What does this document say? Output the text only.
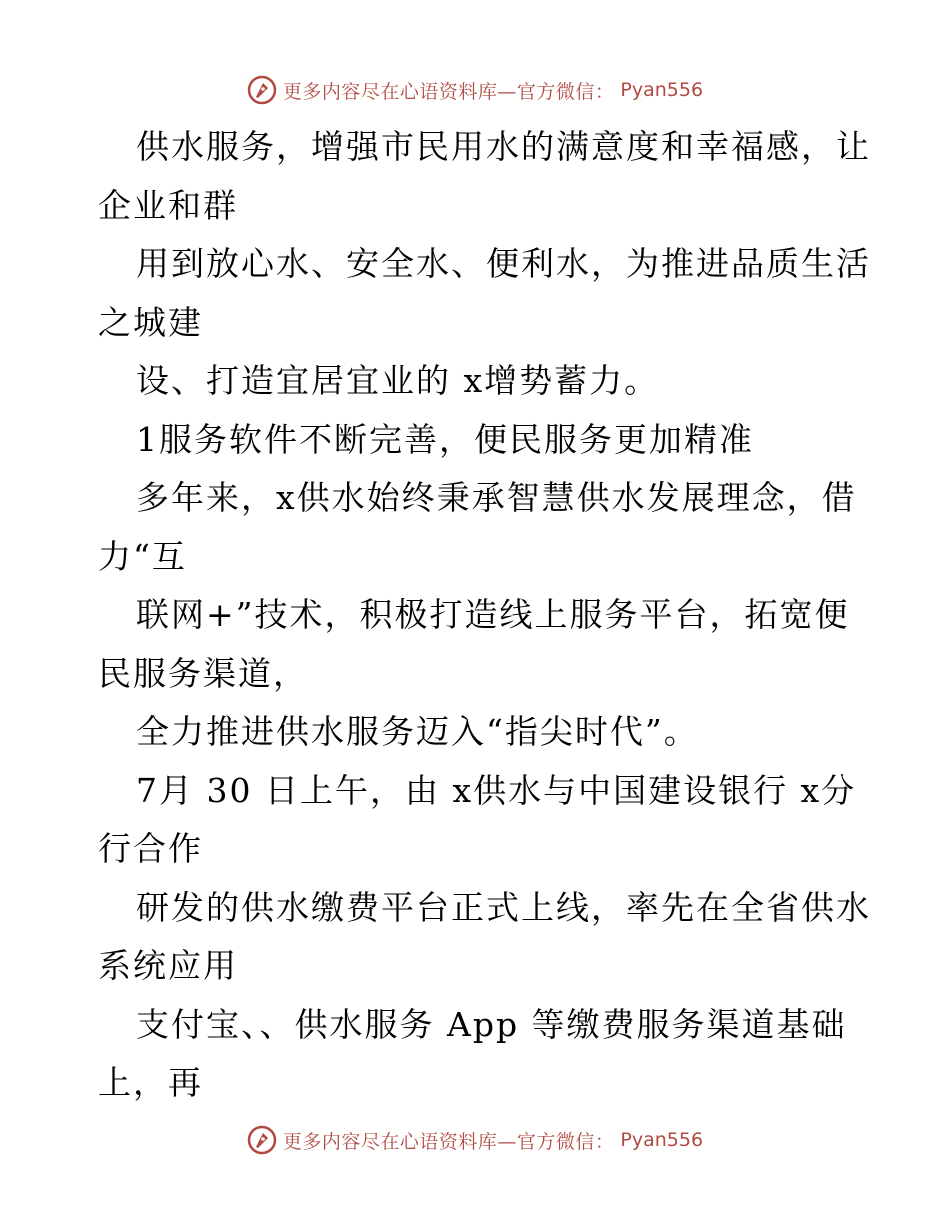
更多内容尽在心语资料库—官方微信： Pyan556
供水服务，增强市民用水的满意度和幸福感，让
企业和群
用到放心水、安全水、便利水，为推进品质生活
之城建
设、打造宜居宜业的 x增势蓄力。
1服务软件不断完善，便民服务更加精准
多年来，x供水始终秉承智慧供水发展理念，借
力“互
联网+”技术，积极打造线上服务平台，拓宽便
民服务渠道，
全力推进供水服务迈入“指尖时代”。
7月 30 日上午，由 x供水与中国建设银行 x分
行合作
研发的供水缴费平台正式上线，率先在全省供水
系统应用
支付宝、、供水服务 App 等缴费服务渠道基础
上，再
更多内容尽在心语资料库—官方微信： Pyan556
